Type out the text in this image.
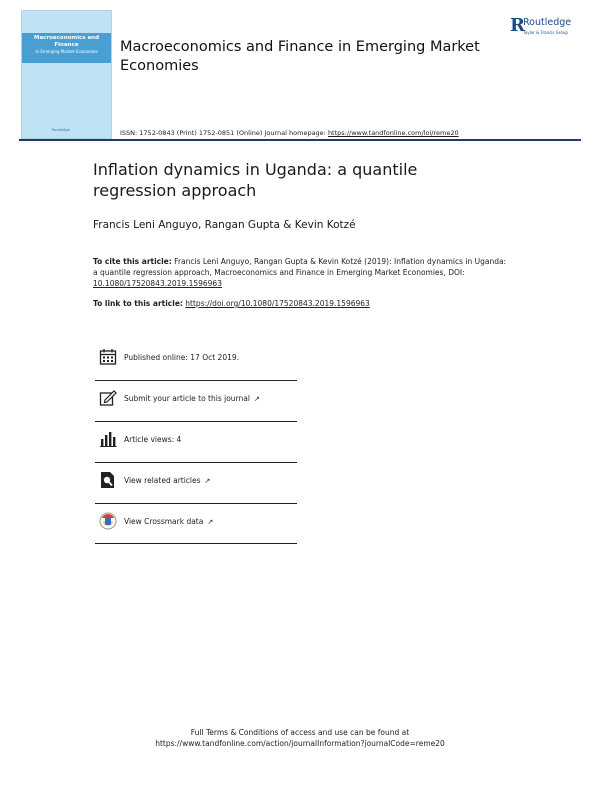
Macroeconomics and Finance
in Emerging Market Economies
Routledge
Macroeconomics and Finance in Emerging Market Economies
R
Routledge
Taylor & Francis Group
ISSN: 1752-0843 (Print) 1752-0851 (Online) Journal homepage: https://www.tandfonline.com/loi/reme20
Inflation dynamics in Uganda: a quantile regression approach
Francis Leni Anguyo, Rangan Gupta & Kevin Kotzé
To cite this article: Francis Leni Anguyo, Rangan Gupta & Kevin Kotzé (2019): Inflation dynamics in Uganda: a quantile regression approach, Macroeconomics and Finance in Emerging Market Economies, DOI: 10.1080/17520843.2019.1596963
To link to this article: https://doi.org/10.1080/17520843.2019.1596963
Published online: 17 Oct 2019.
Submit your article to this journal ↗
Article views: 4
View related articles ↗
View Crossmark data ↗
Full Terms & Conditions of access and use can be found at
https://www.tandfonline.com/action/journalInformation?journalCode=reme20
